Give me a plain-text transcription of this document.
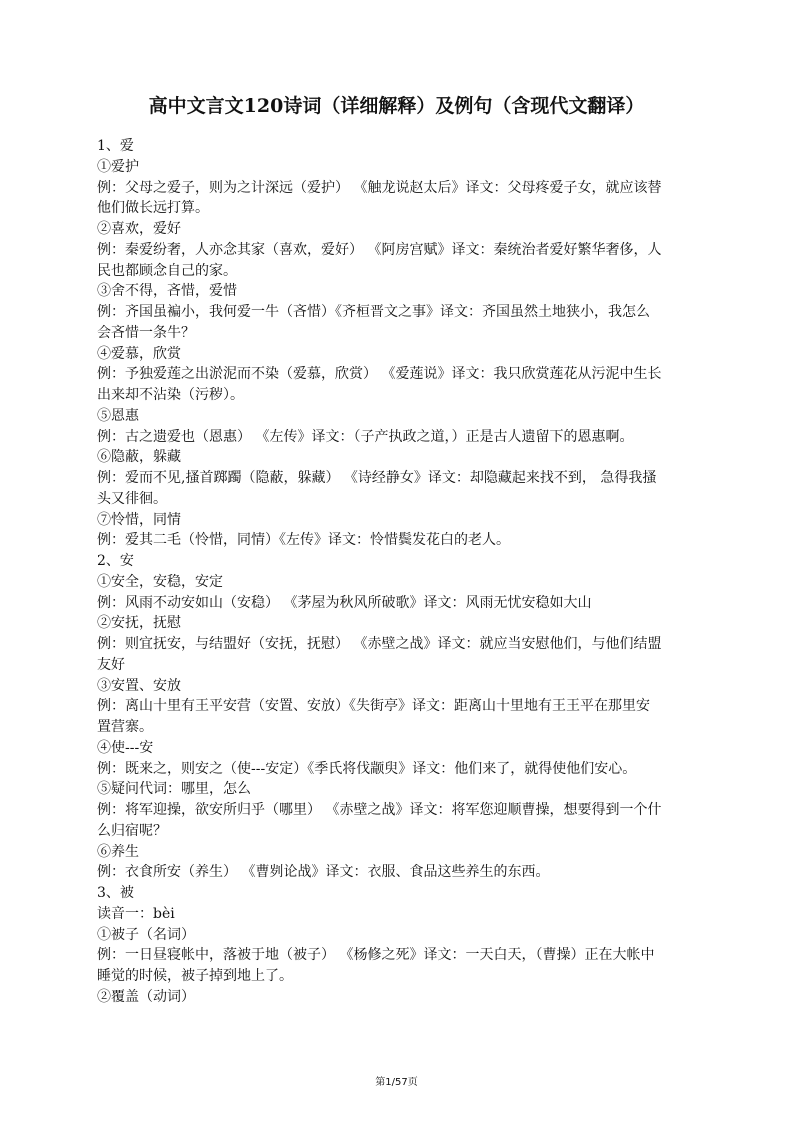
高中文言文120诗词（详细解释）及例句（含现代文翻译）
1、爱
①爱护
例：父母之爱子，则为之计深远（爱护） 《触龙说赵太后》译文：父母疼爱子女，就应该替
他们做长远打算。
②喜欢，爱好
例：秦爱纷奢，人亦念其家（喜欢，爱好） 《阿房宫赋》译文：秦统治者爱好繁华奢侈，人
民也都顾念自己的家。
③舍不得，吝惜，爱惜
例：齐国虽褊小，我何爱一牛（吝惜）《齐桓晋文之事》译文：齐国虽然土地狭小，我怎么
会吝惜一条牛？
④爱慕，欣赏
例：予独爱莲之出淤泥而不染（爱慕，欣赏） 《爱莲说》译文：我只欣赏莲花从污泥中生长
出来却不沾染（污秽）。
⑤恩惠
例：古之遗爱也（恩惠） 《左传》译文：（子产执政之道，）正是古人遗留下的恩惠啊。
⑥隐蔽，躲藏
例：爱而不见,搔首踯躅（隐蔽，躲藏） 《诗经静女》译文：却隐藏起来找不到， 急得我搔
头又徘徊。
⑦怜惜，同情
例：爱其二毛（怜惜，同情）《左传》译文：怜惜鬓发花白的老人。
2、安
①安全，安稳，安定
例：风雨不动安如山（安稳） 《茅屋为秋风所破歌》译文：风雨无忧安稳如大山
②安抚，抚慰
例：则宜抚安，与结盟好（安抚，抚慰） 《赤壁之战》译文：就应当安慰他们，与他们结盟
友好
③安置、安放
例：离山十里有王平安营（安置、安放）《失街亭》译文：距离山十里地有王王平在那里安
置营寨。
④使---安
例：既来之，则安之（使---安定）《季氏将伐颛臾》译文：他们来了，就得使他们安心。
⑤疑问代词：哪里，怎么
例：将军迎操，欲安所归乎（哪里） 《赤壁之战》译文：将军您迎顺曹操，想要得到一个什
么归宿呢？
⑥养生
例：衣食所安（养生） 《曹刿论战》译文：衣服、食品这些养生的东西。
3、被
读音一：bèi
①被子（名词）
例：一日昼寝帐中，落被于地（被子） 《杨修之死》译文：一天白天，（曹操）正在大帐中
睡觉的时候，被子掉到地上了。
②覆盖（动词）
第1/57页
